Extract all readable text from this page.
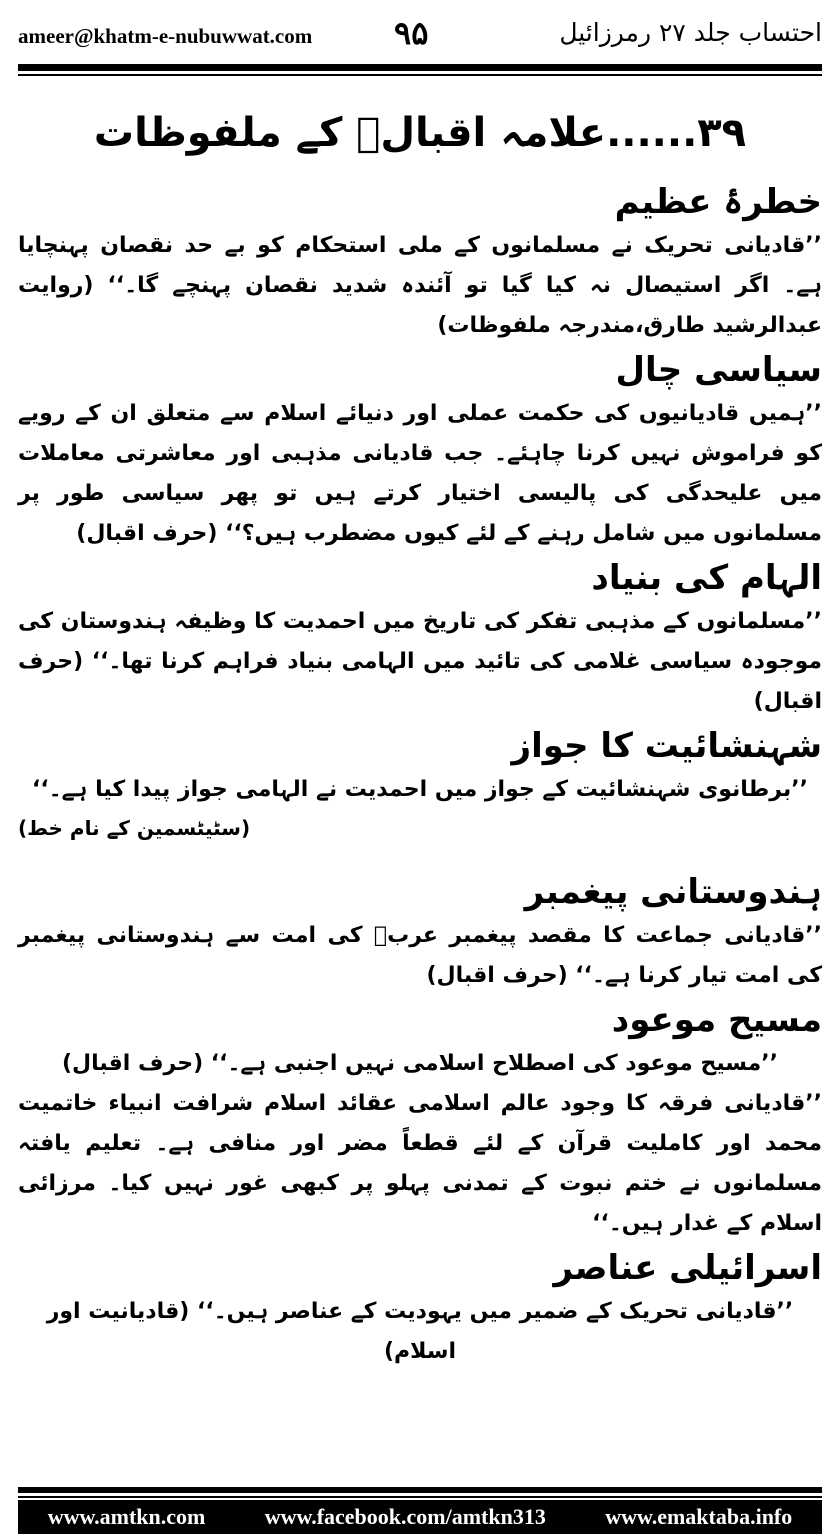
ameer@khatm-e-nubuwwat.com	۹۵	احتساب جلد ۲۷ رمرزائیل
۳۹......علامہ اقبالؒ کے ملفوظات
خطرۂ عظیم

’’قادیانی تحریک نے مسلمانوں کے ملی استحکام کو بے حد نقصان پہنچایا ہے۔ اگر استیصال نہ کیا گیا تو آئندہ شدید نقصان پہنچے گا۔‘‘ (روایت عبدالرشید طارق،مندرجہ ملفوظات)

سیاسی چال

’’ہمیں قادیانیوں کی حکمت عملی اور دنیائے اسلام سے متعلق ان کے رویے کو فراموش نہیں کرنا چاہئے۔ جب قادیانی مذہبی اور معاشرتی معاملات میں علیحدگی کی پالیسی اختیار کرتے ہیں تو پھر سیاسی طور پر مسلمانوں میں شامل رہنے کے لئے کیوں مضطرب ہیں؟‘‘ (حرف اقبال)

الہام کی بنیاد

’’مسلمانوں کے مذہبی تفکر کی تاریخ میں احمدیت کا وظیفہ ہندوستان کی موجودہ سیاسی غلامی کی تائید میں الہامی بنیاد فراہم کرنا تھا۔‘‘ (حرف اقبال)

شہنشائیت کا جواز

’’برطانوی شہنشائیت کے جواز میں احمدیت نے الہامی جواز پیدا کیا ہے۔‘‘

(سٹیٹسمین کے نام خط)

ہندوستانی پیغمبر

’’قادیانی جماعت کا مقصد پیغمبر عربؐ کی امت سے ہندوستانی پیغمبر کی امت تیار کرنا ہے۔‘‘ (حرف اقبال)

مسیح موعود

’’مسیح موعود کی اصطلاح اسلامی نہیں اجنبی ہے۔‘‘ (حرف اقبال)

’’قادیانی فرقہ کا وجود عالم اسلامی عقائد اسلام شرافت انبیاء خاتمیت محمد اور کاملیت قرآن کے لئے قطعاً مضر اور منافی ہے۔ تعلیم یافتہ مسلمانوں نے ختم نبوت کے تمدنی پہلو پر کبھی غور نہیں کیا۔ مرزائی اسلام کے غدار ہیں۔‘‘

اسرائیلی عناصر

’’قادیانی تحریک کے ضمیر میں یہودیت کے عناصر ہیں۔‘‘ (قادیانیت اور اسلام)

www.amtkn.com	www.facebook.com/amtkn313	www.emaktaba.info
